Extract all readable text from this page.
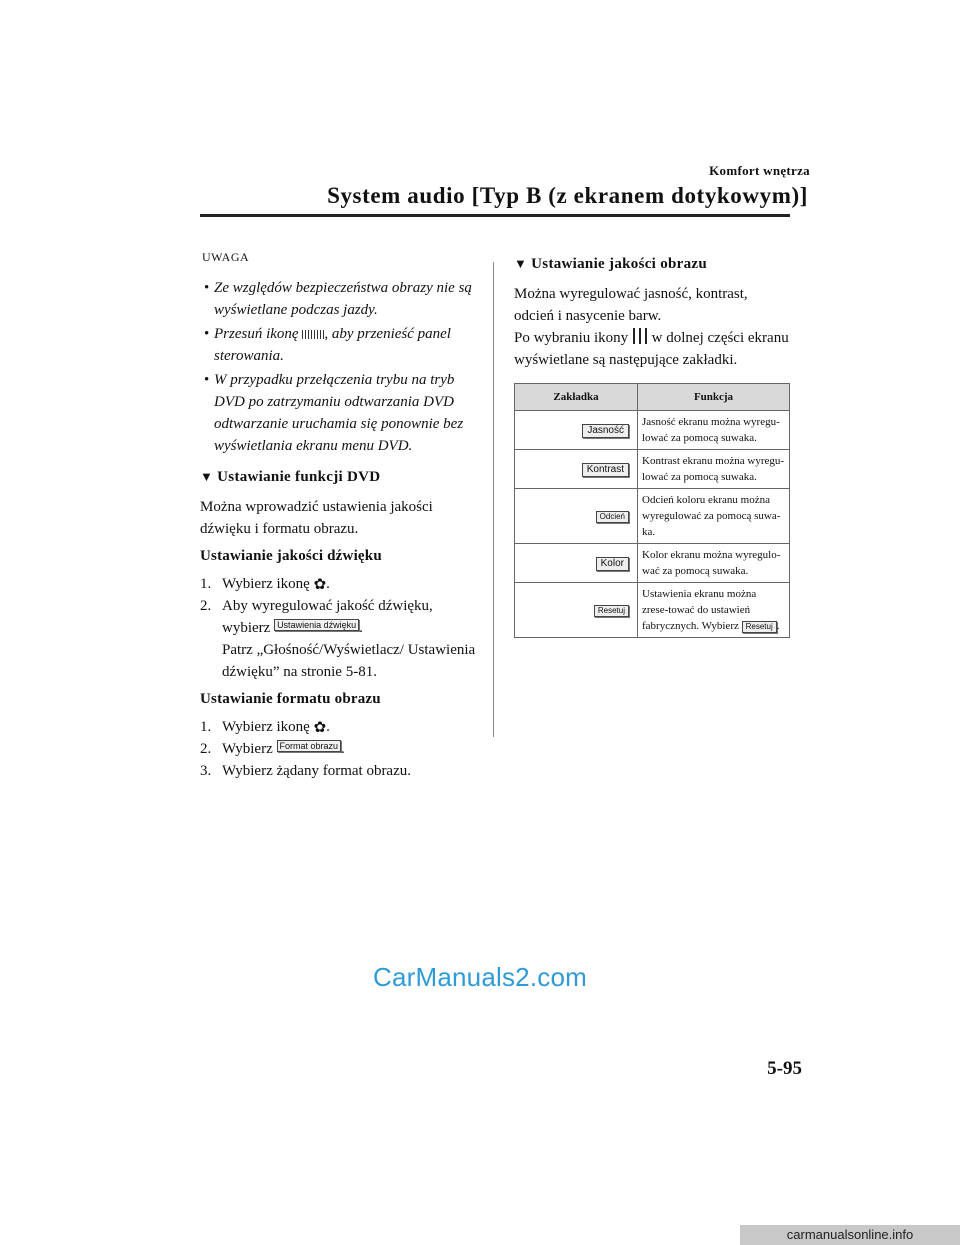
Komfort wnętrza
System audio [Typ B (z ekranem dotykowym)]
UWAGA
• Ze względów bezpieczeństwa obrazy nie są wyświetlane podczas jazdy.
• Przesuń ikonę , aby przenieść panel sterowania.
• W przypadku przełączenia trybu na tryb DVD po zatrzymaniu odtwarzania DVD odtwarzanie uruchamia się ponownie bez wyświetlania ekranu menu DVD.
▼ Ustawianie funkcji DVD

Można wprowadzić ustawienia jakości dźwięku i formatu obrazu.

Ustawianie jakości dźwięku
1. Wybierz ikonę ✿.
2. Aby wyregulować jakość dźwięku, wybierz Ustawienia dźwięku .
Patrz „Głośność/Wyświetlacz/ Ustawienia dźwięku” na stronie 5-81.
Ustawianie formatu obrazu
1. Wybierz ikonę ✿.
2. Wybierz Format obrazu .
3. Wybierz żądany format obrazu.
▼ Ustawianie jakości obrazu

Można wyregulować jasność, kontrast, odcień i nasycenie barw.

Po wybraniu ikony w dolnej części ekranu wyświetlane są następujące zakładki.

Zakładka	Funkcja
Jasność	Jasność ekranu można wyregu-lować za pomocą suwaka.
Kontrast	Kontrast ekranu można wyregu-lować za pomocą suwaka.
Odcień	Odcień koloru ekranu można wyregulować za pomocą suwa-ka.
Kolor	Kolor ekranu można wyregulo-wać za pomocą suwaka.
Resetuj	Ustawienia ekranu można zrese-tować do ustawień fabrycznych. Wybierz Resetuj .
CarManuals2.com
5-95
carmanualsonline.info
